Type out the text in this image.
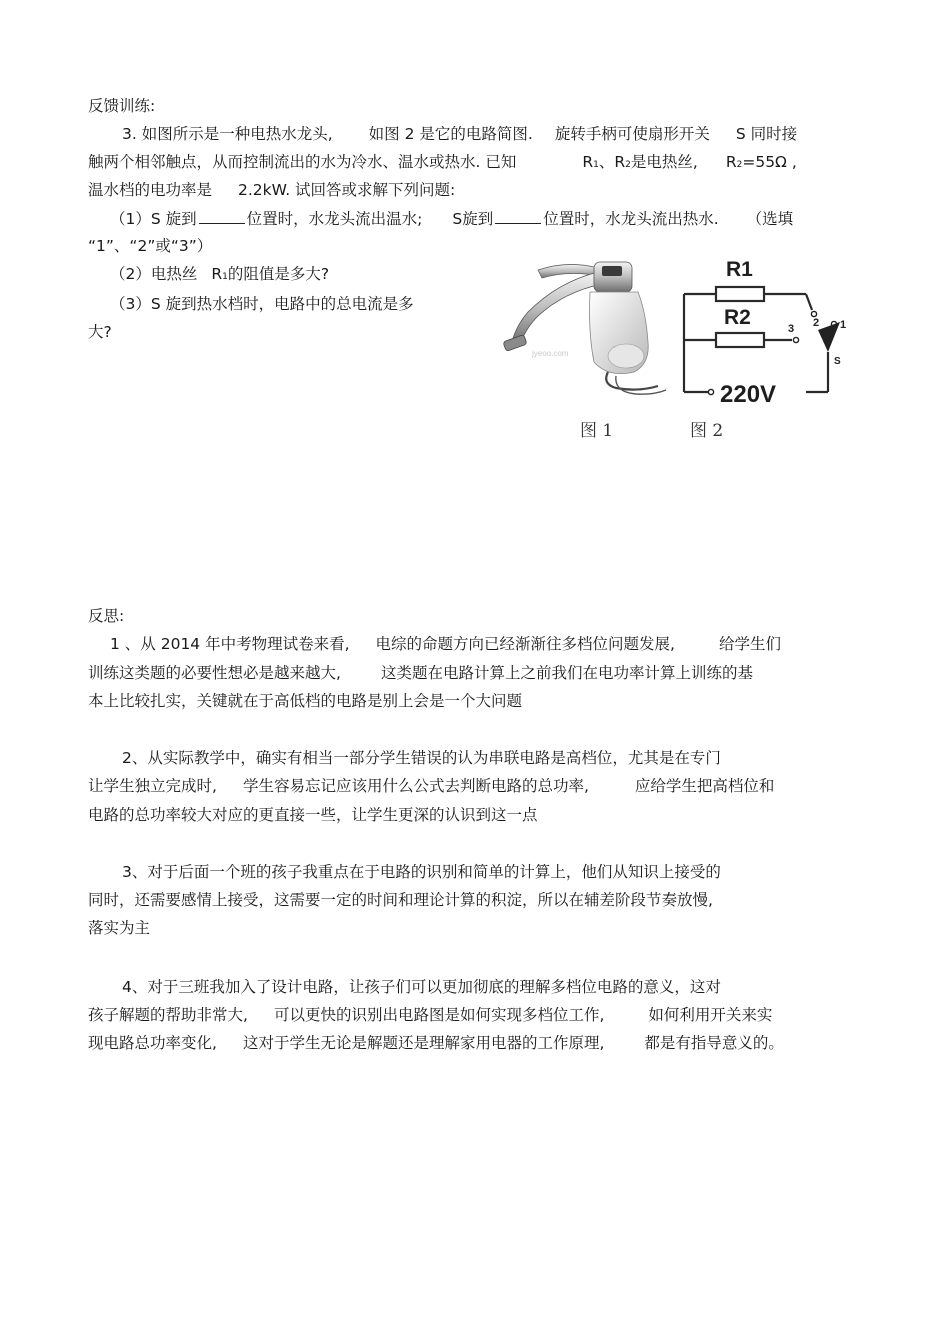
反馈训练:
3. 如图所示是一种电热水龙头, 如图 2 是它的电路简图. 旋转手柄可使扇形开关 S 同时接
触两个相邻触点，从而控制流出的水为冷水、温水或热水. 已知	R1、R2是电热丝, R2=55Ω ,
温水档的电功率是 2.2kW. 试回答或求解下列问题:
（1）S 旋到	位置时，水龙头流出温水; S旋到	位置时，水龙头流出热水. （选填
“1”、“2”或“3”）
（2）电热丝 R1的阻值是多大?
（3）S 旋到热水档时，电路中的总电流是多
大?
jyeoo.com
R1
R2	3 2 1
S
220V
图 1	图 2
反思:
1 、从 2014 年中考物理试卷来看, 电综的命题方向已经渐渐往多档位问题发展,	给学生们
训练这类题的必要性想必是越来越大,	这类题在电路计算上之前我们在电功率计算上训练的基
本上比较扎实，关键就在于高低档的电路是别上会是一个大问题
2、从实际教学中，确实有相当一部分学生错误的认为串联电路是高档位，尤其是在专门
让学生独立完成时, 学生容易忘记应该用什么公式去判断电路的总功率,	应给学生把高档位和
电路的总功率较大对应的更直接一些，让学生更深的认识到这一点
3、对于后面一个班的孩子我重点在于电路的识别和简单的计算上，他们从知识上接受的
同时，还需要感情上接受，这需要一定的时间和理论计算的积淀，所以在辅差阶段节奏放慢,
落实为主
4、对于三班我加入了设计电路，让孩子们可以更加彻底的理解多档位电路的意义，这对
孩子解题的帮助非常大, 可以更快的识别出电路图是如何实现多档位工作,	如何利用开关来实
现电路总功率变化, 这对于学生无论是解题还是理解家用电器的工作原理,	都是有指导意义的。
